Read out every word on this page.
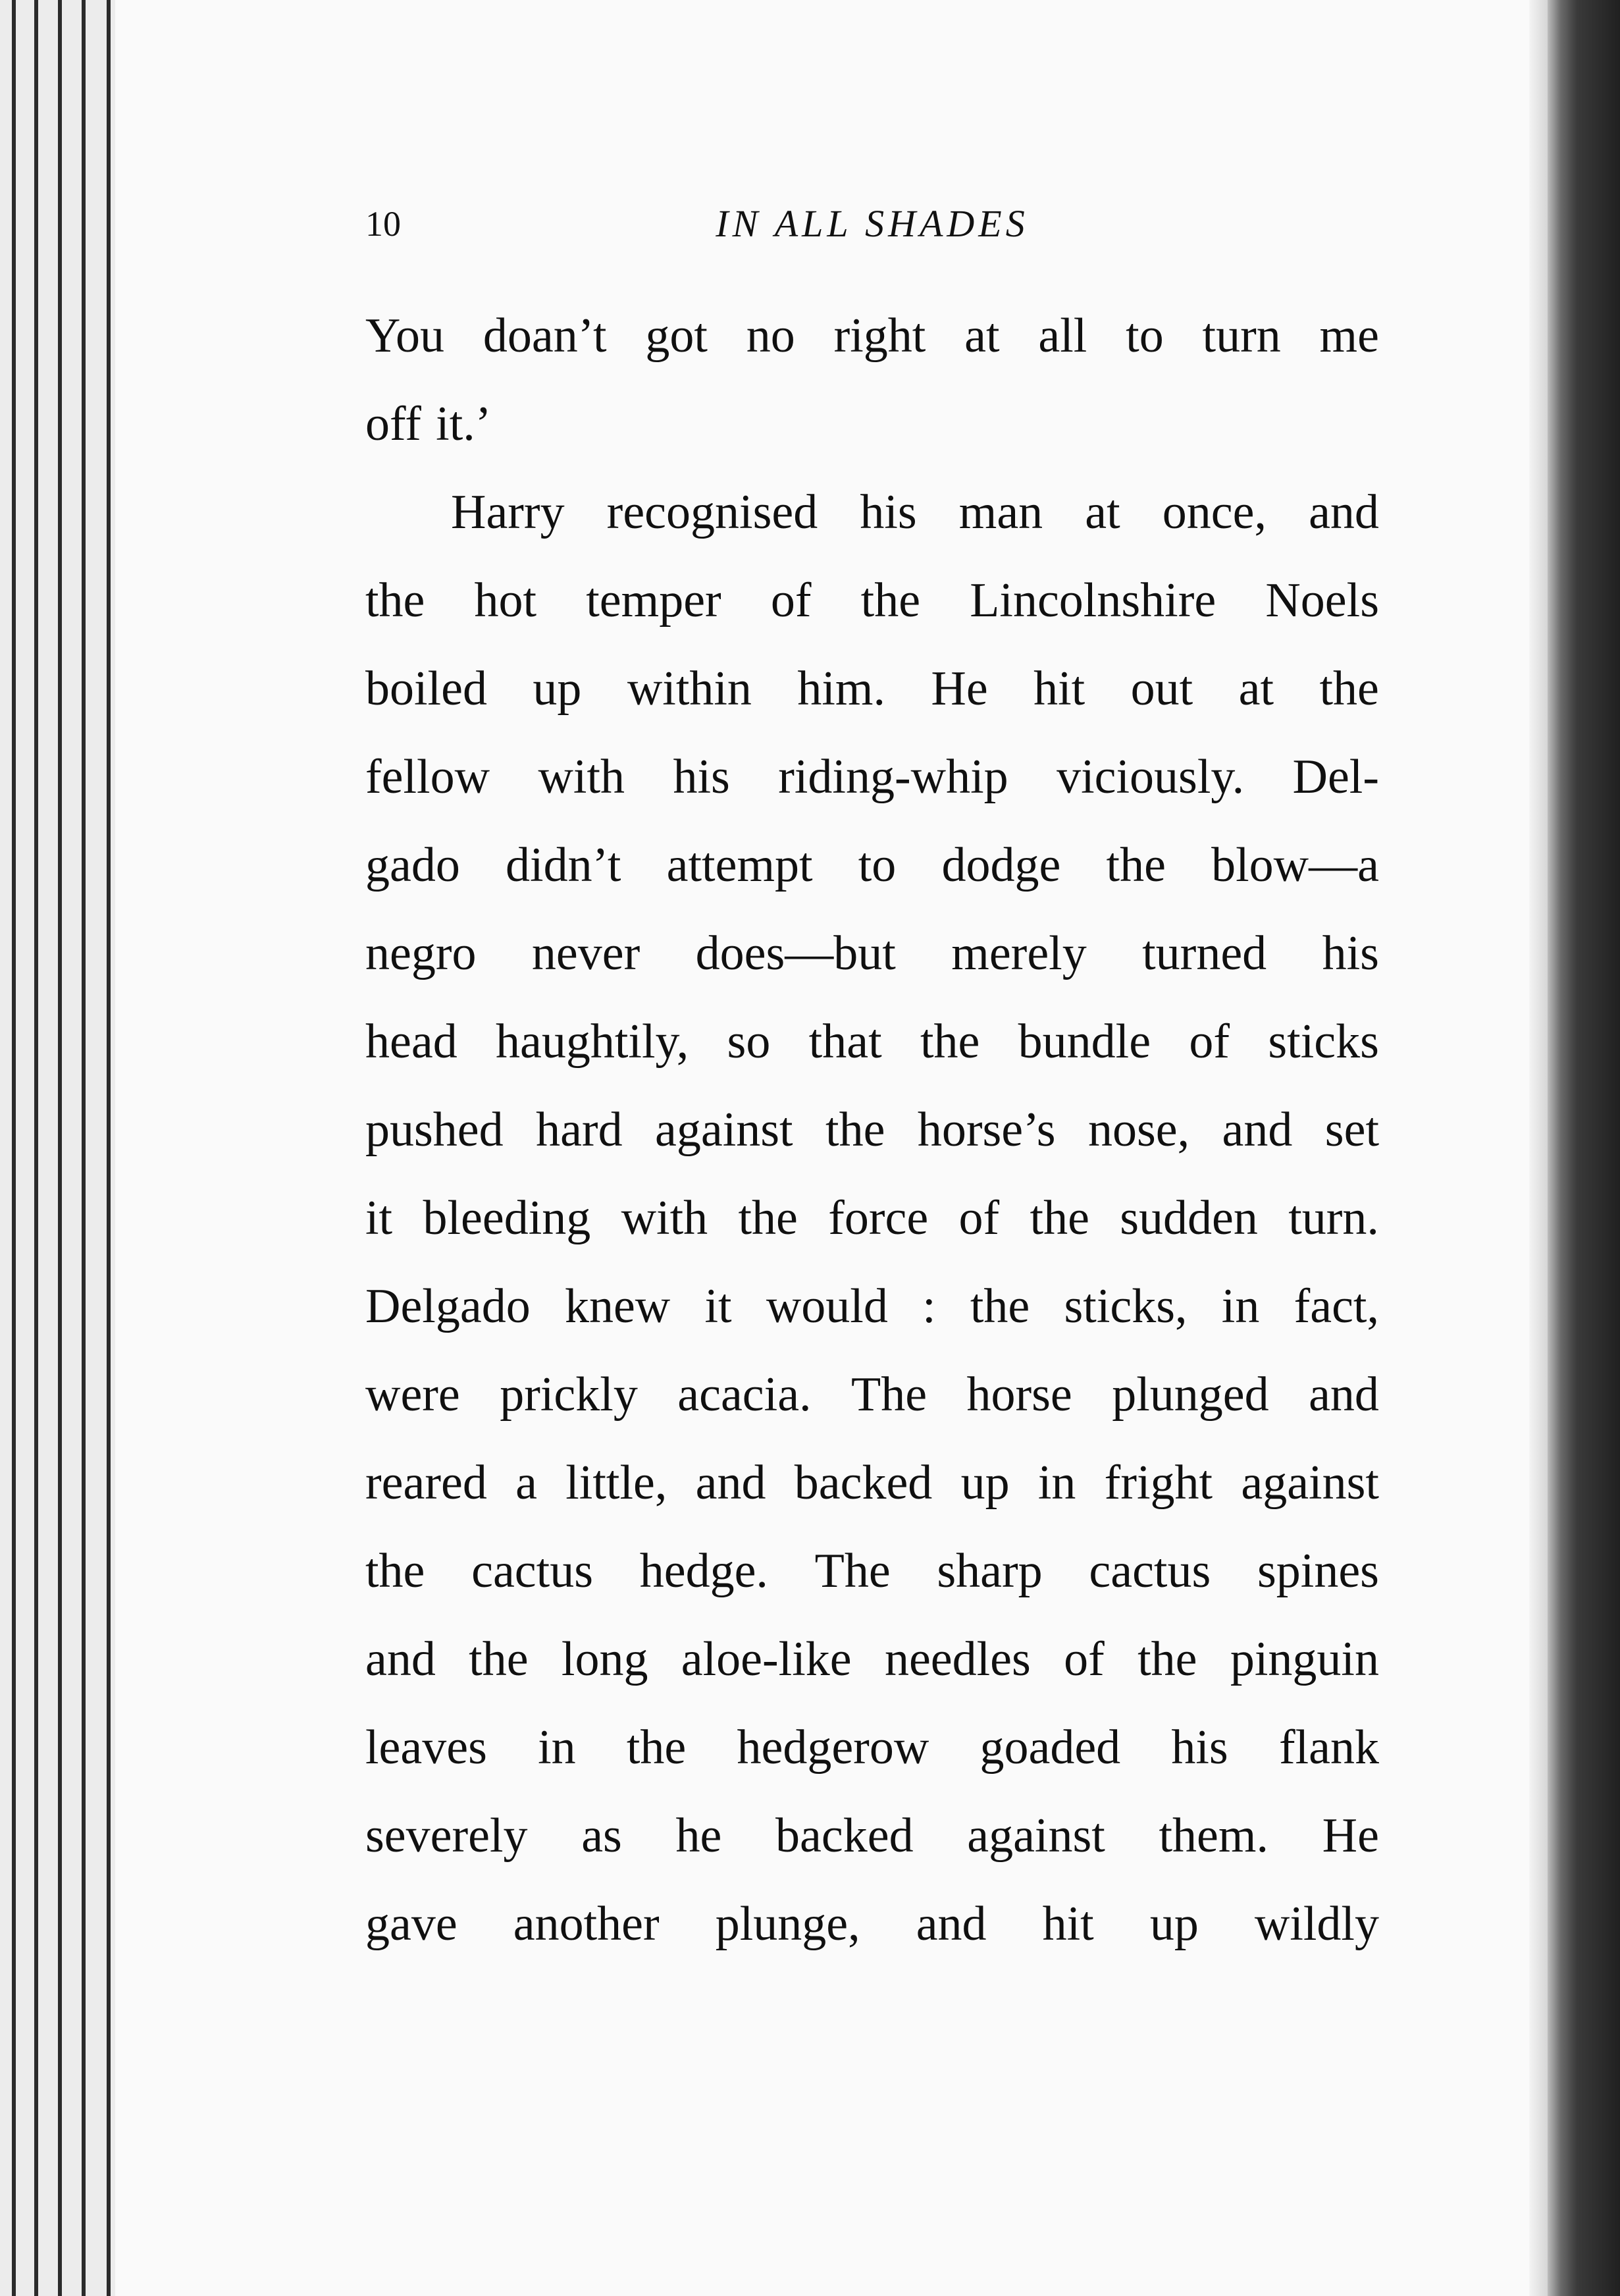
10	IN ALL SHADES
You doan’t got no right at all to turn me
off it.’
Harry recognised his man at once, and
the hot temper of the Lincolnshire Noels
boiled up within him. He hit out at the
fellow with his riding-whip viciously. Del-
gado didn’t attempt to dodge the blow—a
negro never does—but merely turned his
head haughtily, so that the bundle of sticks
pushed hard against the horse’s nose, and set
it bleeding with the force of the sudden turn.
Delgado knew it would : the sticks, in fact,
were prickly acacia. The horse plunged and
reared a little, and backed up in fright against
the cactus hedge. The sharp cactus spines
and the long aloe-like needles of the pinguin
leaves in the hedgerow goaded his flank
severely as he backed against them. He
gave another plunge, and hit up wildly
